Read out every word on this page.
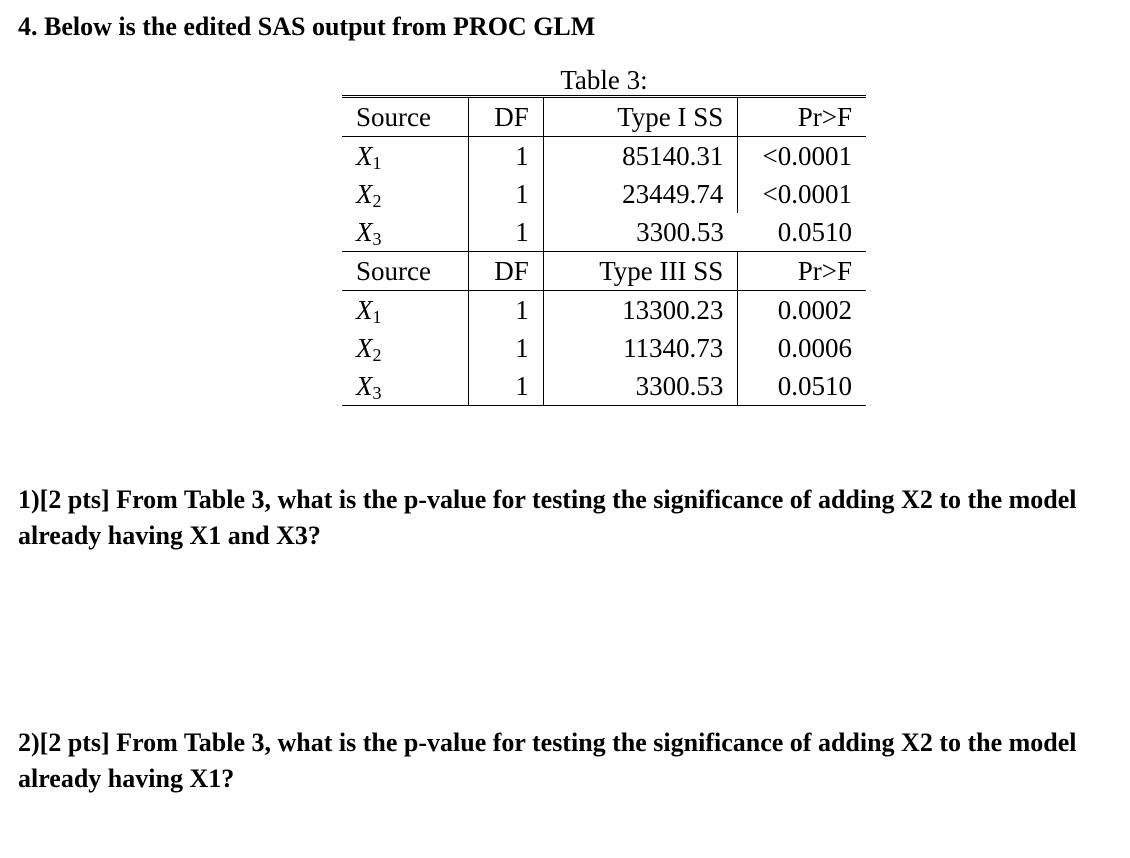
4. Below is the edited SAS output from PROC GLM
Table 3:
Source	DF	Type I SS	Pr>F
$X_1$	1	85140.31	<0.0001
$X_2$	1	23449.74	<0.0001
$X_3$	1	3300.53	0.0510
Source	DF	Type III SS	Pr>F
$X_1$	1	13300.23	0.0002
$X_2$	1	11340.73	0.0006
$X_3$	1	3300.53	0.0510

1)[2 pts] From Table 3, what is the p-value for testing the significance of adding X2 to the model already having X1 and X3?

2)[2 pts] From Table 3, what is the p-value for testing the significance of adding X2 to the model already having X1?
